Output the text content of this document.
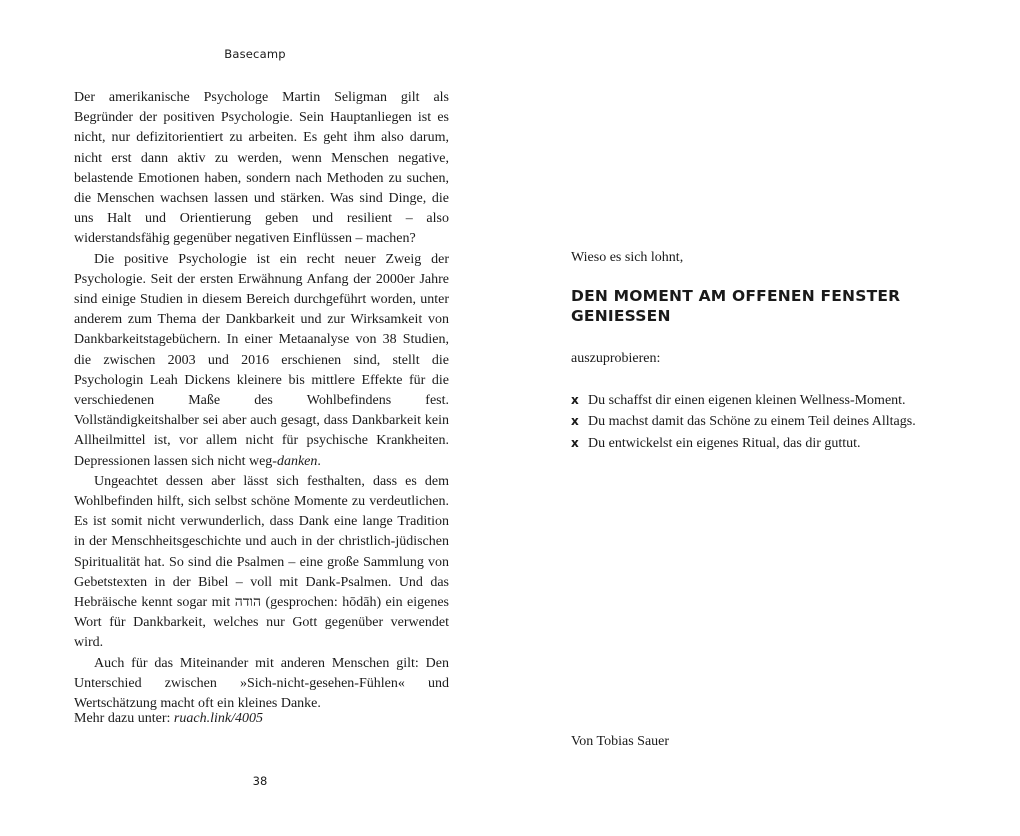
Basecamp

Der amerikanische Psychologe Martin Seligman gilt als Begründer der positiven Psychologie. Sein Hauptanliegen ist es nicht, nur defizitorientiert zu arbeiten. Es geht ihm also darum, nicht erst dann aktiv zu werden, wenn Menschen negative, belastende Emotionen haben, sondern nach Methoden zu suchen, die Menschen wachsen lassen und stärken. Was sind Dinge, die uns Halt und Orientierung geben und resilient – also widerstandsfähig gegenüber negativen Einflüssen – machen?

Die positive Psychologie ist ein recht neuer Zweig der Psychologie. Seit der ersten Erwähnung Anfang der 2000er Jahre sind einige Studien in diesem Bereich durchgeführt worden, unter anderem zum Thema der Dankbarkeit und zur Wirksamkeit von Dankbarkeitstagebüchern. In einer Metaanalyse von 38 Studien, die zwischen 2003 und 2016 erschienen sind, stellt die Psychologin Leah Dickens kleinere bis mittlere Effekte für die verschiedenen Maße des Wohlbefindens fest. Vollständigkeitshalber sei aber auch gesagt, dass Dankbarkeit kein Allheilmittel ist, vor allem nicht für psychische Krankheiten. Depressionen lassen sich nicht weg-danken.

Ungeachtet dessen aber lässt sich festhalten, dass es dem Wohlbefinden hilft, sich selbst schöne Momente zu verdeutlichen. Es ist somit nicht verwunderlich, dass Dank eine lange Tradition in der Menschheitsgeschichte und auch in der christlich-jüdischen Spiritualität hat. So sind die Psalmen – eine große Sammlung von Gebetstexten in der Bibel – voll mit Dank-Psalmen. Und das Hebräische kennt sogar mit הודה (gesprochen: hōdāh) ein eigenes Wort für Dankbarkeit, welches nur Gott gegenüber verwendet wird.

Auch für das Miteinander mit anderen Menschen gilt: Den Unterschied zwischen »Sich-nicht-gesehen-Fühlen« und Wertschätzung macht oft ein kleines Danke.

Mehr dazu unter: ruach.link/4005
38
Wieso es sich lohnt,
DEN MOMENT AM OFFENEN FENSTER GENIESSEN
auszuprobieren:
x Du schaffst dir einen eigenen kleinen Wellness-Moment.
x Du machst damit das Schöne zu einem Teil deines Alltags.
x Du entwickelst ein eigenes Ritual, das dir guttut.
Von Tobias Sauer
